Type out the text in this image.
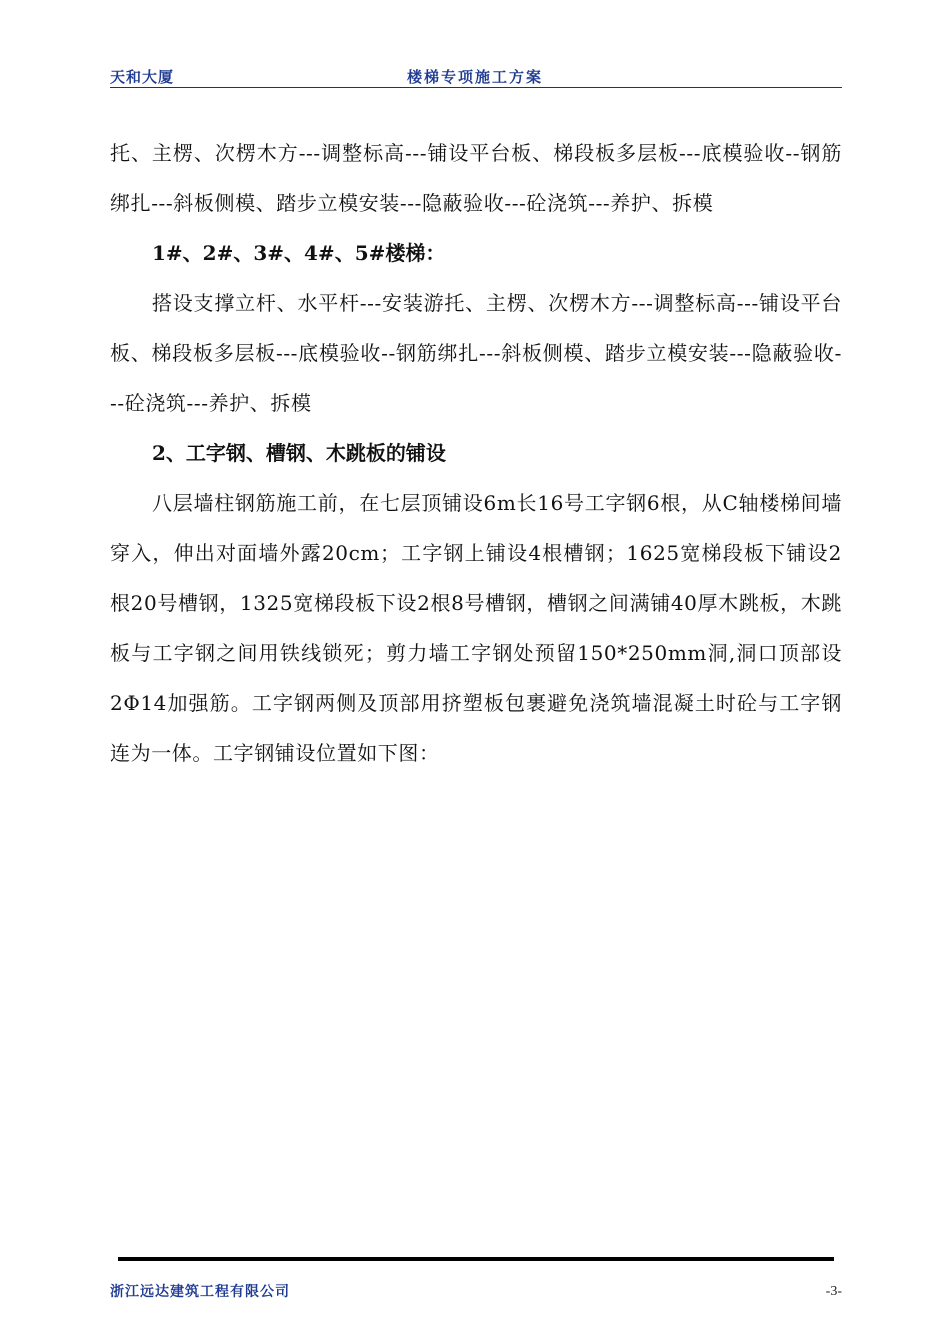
天和大厦	楼梯专项施工方案

托、主楞、次楞木方---调整标高---铺设平台板、梯段板多层板---底模验收--钢筋绑扎---斜板侧模、踏步立模安装---隐蔽验收---砼浇筑---养护、拆模

1#、2#、3#、4#、5#楼梯：

搭设支撑立杆、水平杆---安装游托、主楞、次楞木方---调整标高---铺设平台板、梯段板多层板---底模验收--钢筋绑扎---斜板侧模、踏步立模安装---隐蔽验收---砼浇筑---养护、拆模

2、工字钢、槽钢、木跳板的铺设

八层墙柱钢筋施工前，在七层顶铺设6m长16号工字钢6根，从C轴楼梯间墙穿入，伸出对面墙外露20cm；工字钢上铺设4根槽钢；1625宽梯段板下铺设2根20号槽钢，1325宽梯段板下设2根8号槽钢，槽钢之间满铺40厚木跳板，木跳板与工字钢之间用铁线锁死；剪力墙工字钢处预留150*250mm洞,洞口顶部设2Φ14加强筋。工字钢两侧及顶部用挤塑板包裹避免浇筑墙混凝土时砼与工字钢连为一体。工字钢铺设位置如下图：

浙江远达建筑工程有限公司	-3-
